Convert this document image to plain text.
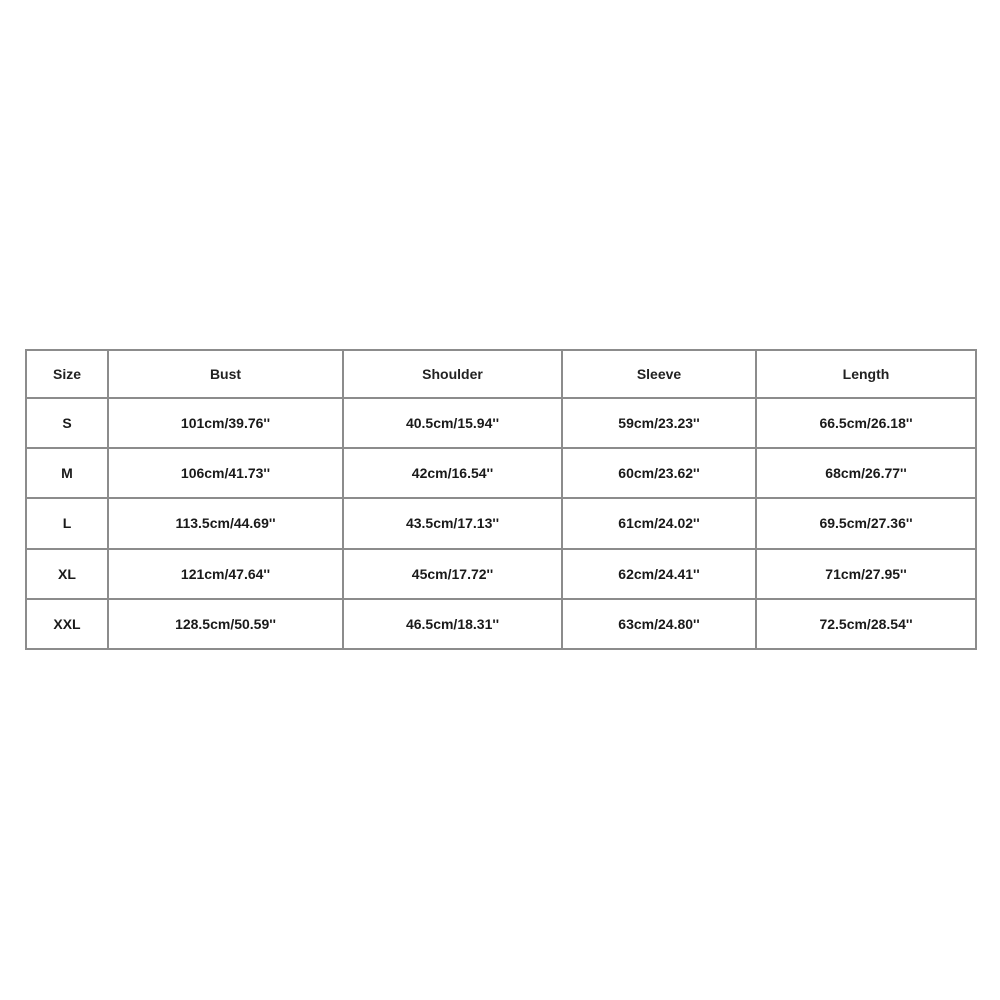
Size	Bust	Shoulder	Sleeve	Length
S	101cm/39.76''	40.5cm/15.94''	59cm/23.23''	66.5cm/26.18''
M	106cm/41.73''	42cm/16.54''	60cm/23.62''	68cm/26.77''
L	113.5cm/44.69''	43.5cm/17.13''	61cm/24.02''	69.5cm/27.36''
XL	121cm/47.64''	45cm/17.72''	62cm/24.41''	71cm/27.95''
XXL	128.5cm/50.59''	46.5cm/18.31''	63cm/24.80''	72.5cm/28.54''
